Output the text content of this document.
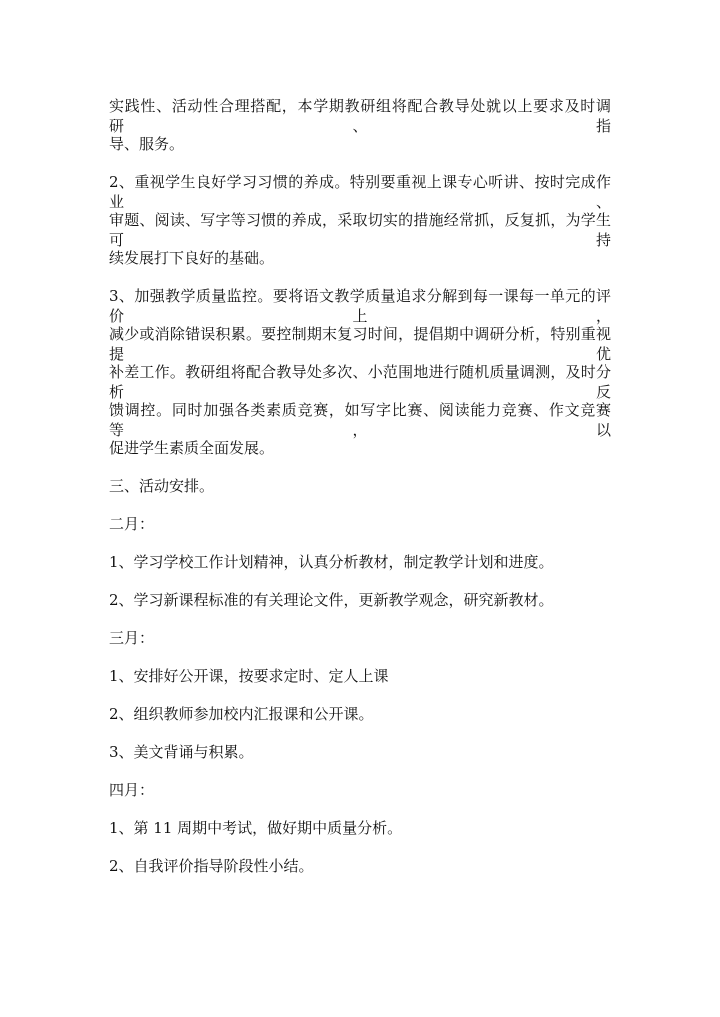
实践性、活动性合理搭配，本学期教研组将配合教导处就以上要求及时调研、指
导、服务。
2、重视学生良好学习习惯的养成。特别要重视上课专心听讲、按时完成作业、
审题、阅读、写字等习惯的养成，采取切实的措施经常抓，反复抓，为学生可持
续发展打下良好的基础。
3、加强教学质量监控。要将语文教学质量追求分解到每一课每一单元的评价上，
减少或消除错误积累。要控制期末复习时间，提倡期中调研分析，特别重视提优
补差工作。教研组将配合教导处多次、小范围地进行随机质量调测，及时分析反
馈调控。同时加强各类素质竞赛，如写字比赛、阅读能力竞赛、作文竞赛等，以
促进学生素质全面发展。
三、活动安排。
二月：
1、学习学校工作计划精神，认真分析教材，制定教学计划和进度。
2、学习新课程标准的有关理论文件，更新教学观念，研究新教材。
三月：
1、安排好公开课，按要求定时、定人上课
2、组织教师参加校内汇报课和公开课。
3、美文背诵与积累。
四月：
1、第 11 周期中考试，做好期中质量分析。
2、自我评价指导阶段性小结。
